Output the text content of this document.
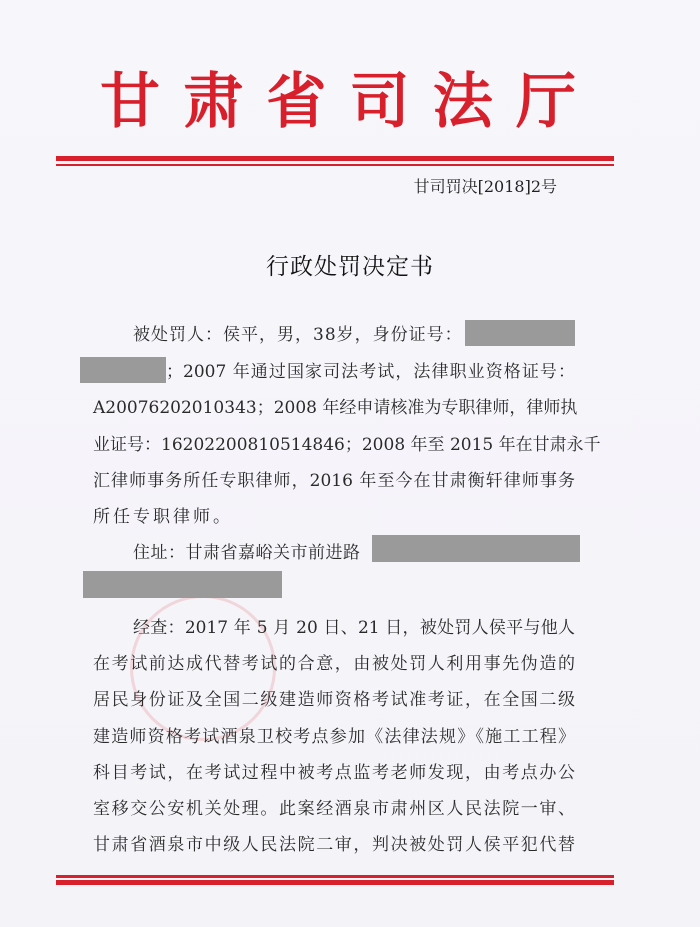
甘肃省司法厅
甘司罚决[2018]2号
行政处罚决定书
被处罚人：侯平，男，38岁，身份证号：
；2007 年通过国家司法考试，法律职业资格证号：
A20076202010343；2008 年经申请核准为专职律师，律师执
业证号：16202200810514846；2008 年至 2015 年在甘肃永千
汇律师事务所任专职律师，2016 年至今在甘肃衡轩律师事务
所任专职律师。
住址：甘肃省嘉峪关市前进路
经查：2017 年 5 月 20 日、21 日，被处罚人侯平与他人
在考试前达成代替考试的合意，由被处罚人利用事先伪造的
居民身份证及全国二级建造师资格考试准考证，在全国二级
建造师资格考试酒泉卫校考点参加《法律法规》《施工工程》
科目考试，在考试过程中被考点监考老师发现，由考点办公
室移交公安机关处理。此案经酒泉市肃州区人民法院一审、
甘肃省酒泉市中级人民法院二审，判决被处罚人侯平犯代替
